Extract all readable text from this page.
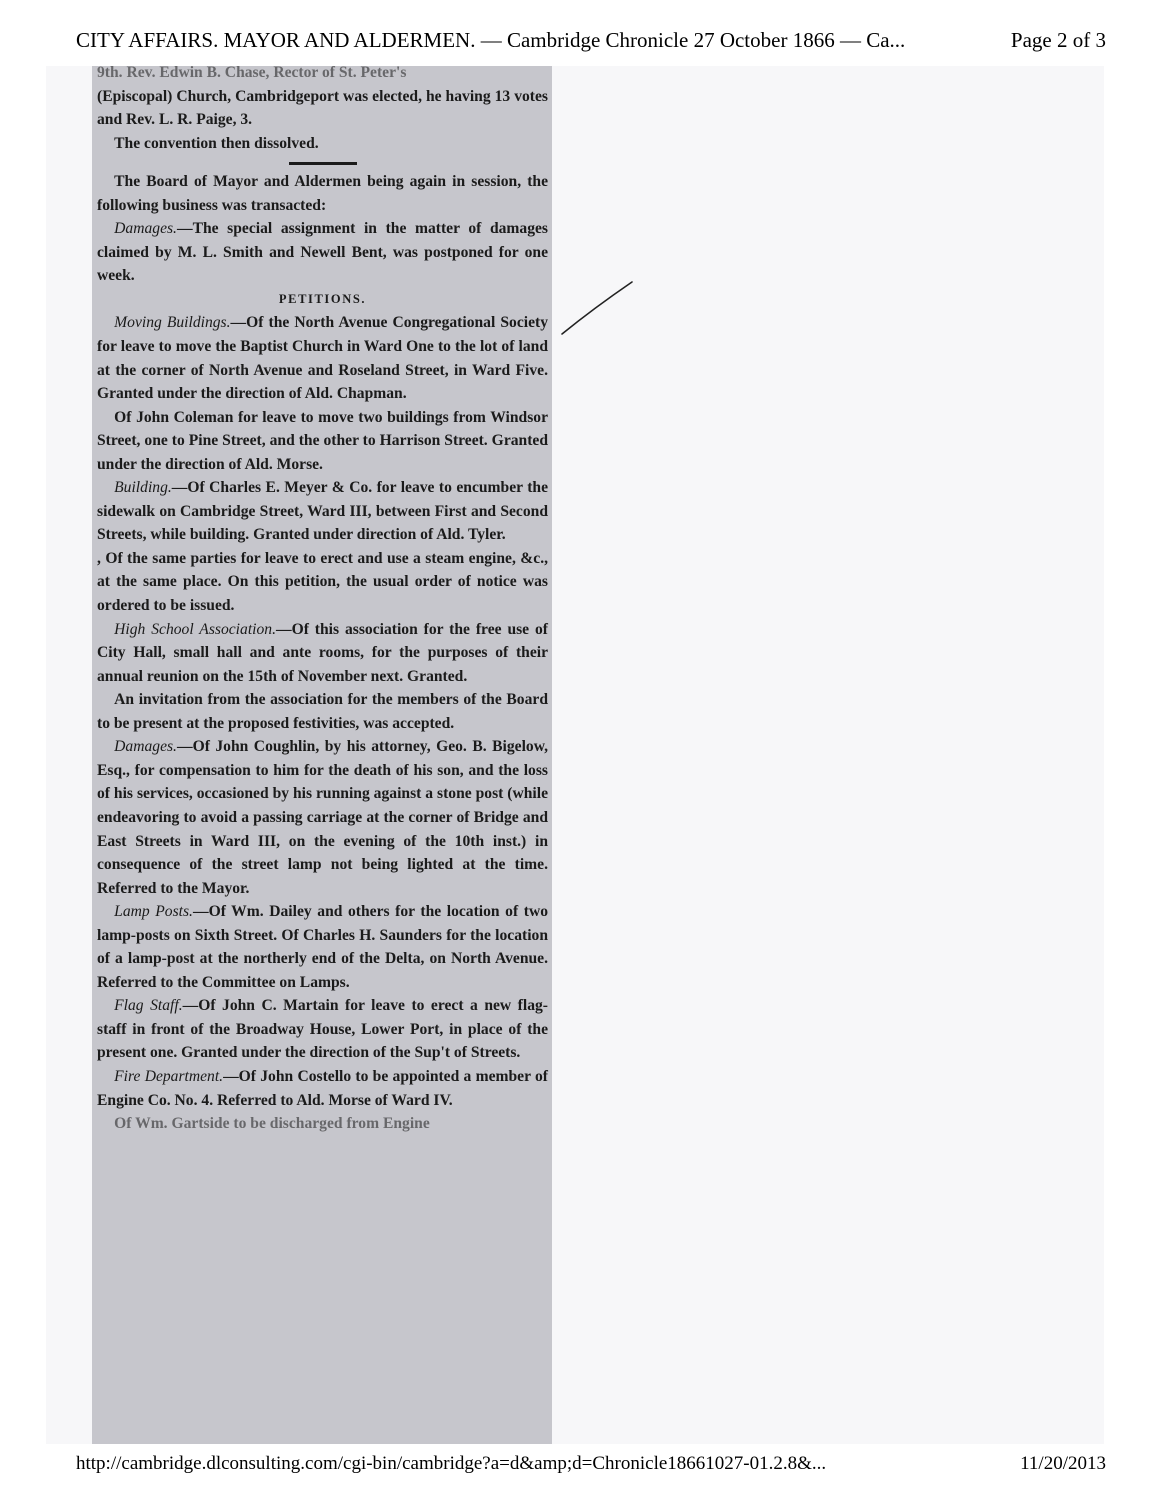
CITY AFFAIRS. MAYOR AND ALDERMEN. — Cambridge Chronicle 27 October 1866 — Ca...	Page 2 of 3

9th. Rev. Edwin B. Chase, Rector of St. Peter's

(Episcopal) Church, Cambridgeport was elected, he having 13 votes and Rev. L. R. Paige, 3.

The convention then dissolved.

The Board of Mayor and Aldermen being again in session, the following business was transacted:

Damages.—The special assignment in the matter of damages claimed by M. L. Smith and Newell Bent, was postponed for one week.

PETITIONS.

Moving Buildings.—Of the North Avenue Congregational Society for leave to move the Baptist Church in Ward One to the lot of land at the corner of North Avenue and Roseland Street, in Ward Five. Granted under the direction of Ald. Chapman.

Of John Coleman for leave to move two buildings from Windsor Street, one to Pine Street, and the other to Harrison Street. Granted under the direction of Ald. Morse.

Building.—Of Charles E. Meyer & Co. for leave to encumber the sidewalk on Cambridge Street, Ward III, between First and Second Streets, while building. Granted under direction of Ald. Tyler.

, Of the same parties for leave to erect and use a steam engine, &c., at the same place. On this petition, the usual order of notice was ordered to be issued.

High School Association.—Of this association for the free use of City Hall, small hall and ante rooms, for the purposes of their annual reunion on the 15th of November next. Granted.

An invitation from the association for the members of the Board to be present at the proposed festivities, was accepted.

Damages.—Of John Coughlin, by his attorney, Geo. B. Bigelow, Esq., for compensation to him for the death of his son, and the loss of his services, occasioned by his running against a stone post (while endeavoring to avoid a passing carriage at the corner of Bridge and East Streets in Ward III, on the evening of the 10th inst.) in consequence of the street lamp not being lighted at the time. Referred to the Mayor.

Lamp Posts.—Of Wm. Dailey and others for the location of two lamp-posts on Sixth Street. Of Charles H. Saunders for the location of a lamp-post at the northerly end of the Delta, on North Avenue. Referred to the Committee on Lamps.

Flag Staff.—Of John C. Martain for leave to erect a new flag-staff in front of the Broadway House, Lower Port, in place of the present one. Granted under the direction of the Sup't of Streets.

Fire Department.—Of John Costello to be appointed a member of Engine Co. No. 4. Referred to Ald. Morse of Ward IV.

Of Wm. Gartside to be discharged from Engine

http://cambridge.dlconsulting.com/cgi-bin/cambridge?a=d&amp;d=Chronicle18661027-01.2.8&...	11/20/2013
